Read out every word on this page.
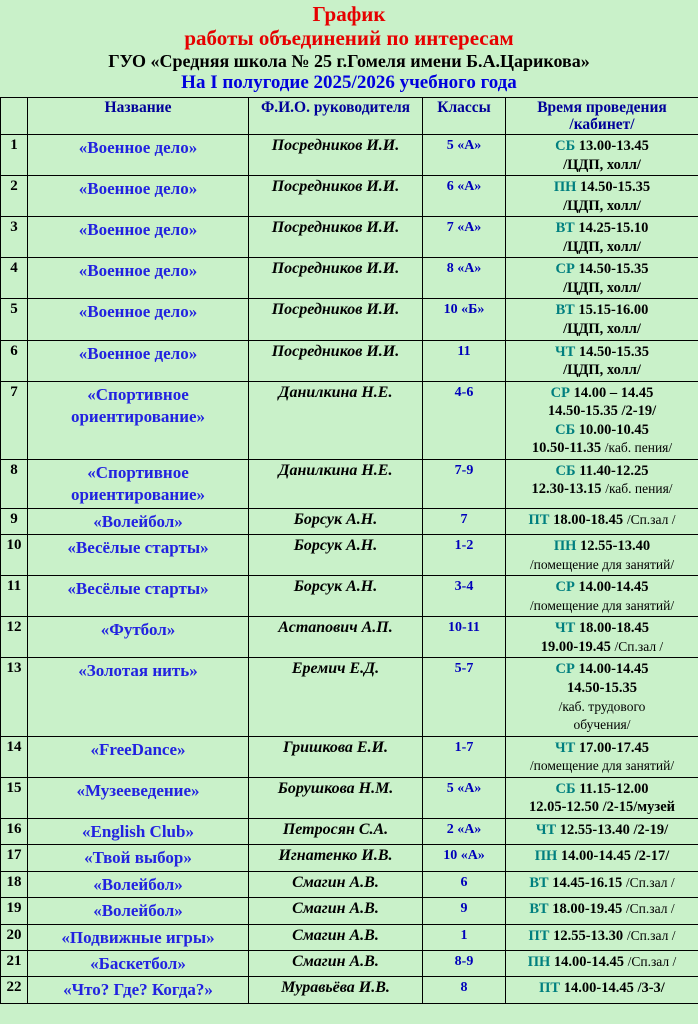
График
работы объединений по интересам
ГУО «Средняя школа № 25 г.Гомеля имени Б.А.Царикова»
На I полугодие 2025/2026 учебного года
	Название	Ф.И.О. руководителя	Классы	Время проведения
/кабинет/

1	«Военное дело»	Посредников И.И.	5 «А»	СБ 13.00-13.45
/ЦДП, холл/

2	«Военное дело»	Посредников И.И.	6 «А»	ПН 14.50-15.35
/ЦДП, холл/

3	«Военное дело»	Посредников И.И.	7 «А»	ВТ 14.25-15.10
/ЦДП, холл/

4	«Военное дело»	Посредников И.И.	8 «А»	СР 14.50-15.35
/ЦДП, холл/

5	«Военное дело»	Посредников И.И.	10 «Б»	ВТ 15.15-16.00
/ЦДП, холл/

6	«Военное дело»	Посредников И.И.	11	ЧТ 14.50-15.35
/ЦДП, холл/

7	«Спортивное ориентирование»	Данилкина Н.Е.	4-6	СР 14.00 – 14.45
14.50-15.35 /2-19/
СБ 10.00-10.45
10.50-11.35 /каб. пения/

8	«Спортивное ориентирование»	Данилкина Н.Е.	7-9	СБ 11.40-12.25
12.30-13.15 /каб. пения/

9	«Волейбол»	Борсук А.Н.	7	ПТ 18.00-18.45 /Сп.зал /

10	«Весёлые старты»	Борсук А.Н.	1-2	ПН 12.55-13.40
/помещение для занятий/

11	«Весёлые старты»	Борсук А.Н.	3-4	СР 14.00-14.45
/помещение для занятий/

12	«Футбол»	Астапович А.П.	10-11	ЧТ 18.00-18.45
19.00-19.45 /Сп.зал /

13	«Золотая нить»	Еремич Е.Д.	5-7	СР 14.00-14.45
14.50-15.35
/каб. трудового
обучения/

14	«FreeDance»	Гришкова Е.И.	1-7	ЧТ 17.00-17.45
/помещение для занятий/

15	«Музееведение»	Борушкова Н.М.	5 «А»	СБ 11.15-12.00
12.05-12.50 /2-15/музей

16	«English Club»	Петросян С.А.	2 «А»	ЧТ 12.55-13.40 /2-19/

17	«Твой выбор»	Игнатенко И.В.	10 «А»	ПН 14.00-14.45 /2-17/

18	«Волейбол»	Смагин А.В.	6	ВТ 14.45-16.15 /Сп.зал /

19	«Волейбол»	Смагин А.В.	9	ВТ 18.00-19.45 /Сп.зал /

20	«Подвижные игры»	Смагин А.В.	1	ПТ 12.55-13.30 /Сп.зал /

21	«Баскетбол»	Смагин А.В.	8-9	ПН 14.00-14.45 /Сп.зал /

22	«Что? Где? Когда?»	Муравьёва И.В.	8	ПТ 14.00-14.45 /3-3/
